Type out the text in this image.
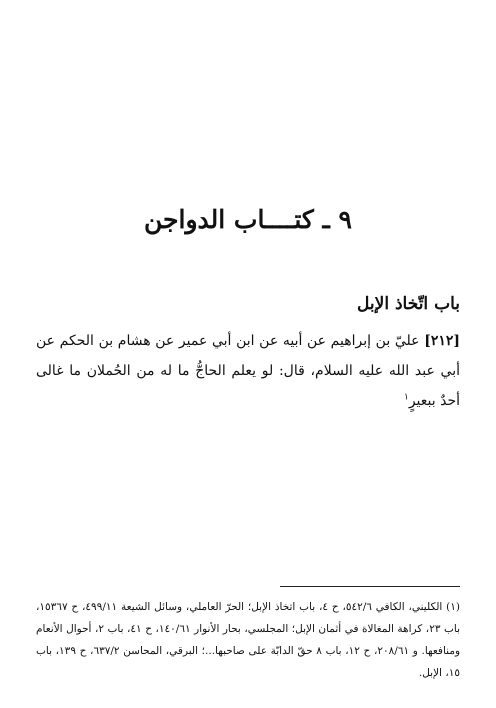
٩ ـ كتــــاب الدواجن
باب اتّخاذ الإبل

[٢١٢] عليّ بن إبراهيم عن أبيه عن ابن أبي عمير عن هشام بن الحكم عن أبي عبد الله عليه السلام، قال: لو يعلم الحاجُّ ما له من الحُملان ما غالى أحدٌ ببعيرٍ$^١$

(١) الكليني، الكافي ٥٤٢/٦، ح ٤، باب اتخاذ الإبل؛ الحرّ العاملي، وسائل الشيعة ٤٩٩/١١، ح ١٥٣٦٧، باب ٢٣، كراهة المغالاة في أثمان الإبل؛ المجلسي، بحار الأنوار ١٤٠/٦١، ح ٤١، باب ٢، أحوال الأنعام ومنافعها. و ٢٠٨/٦١، ح ١٢، باب ٨ حقّ الدابّة على صاحبها...؛ البرقي، المحاسن ٦٣٧/٢، ح ١٣٩، باب ١٥، الإبل.
